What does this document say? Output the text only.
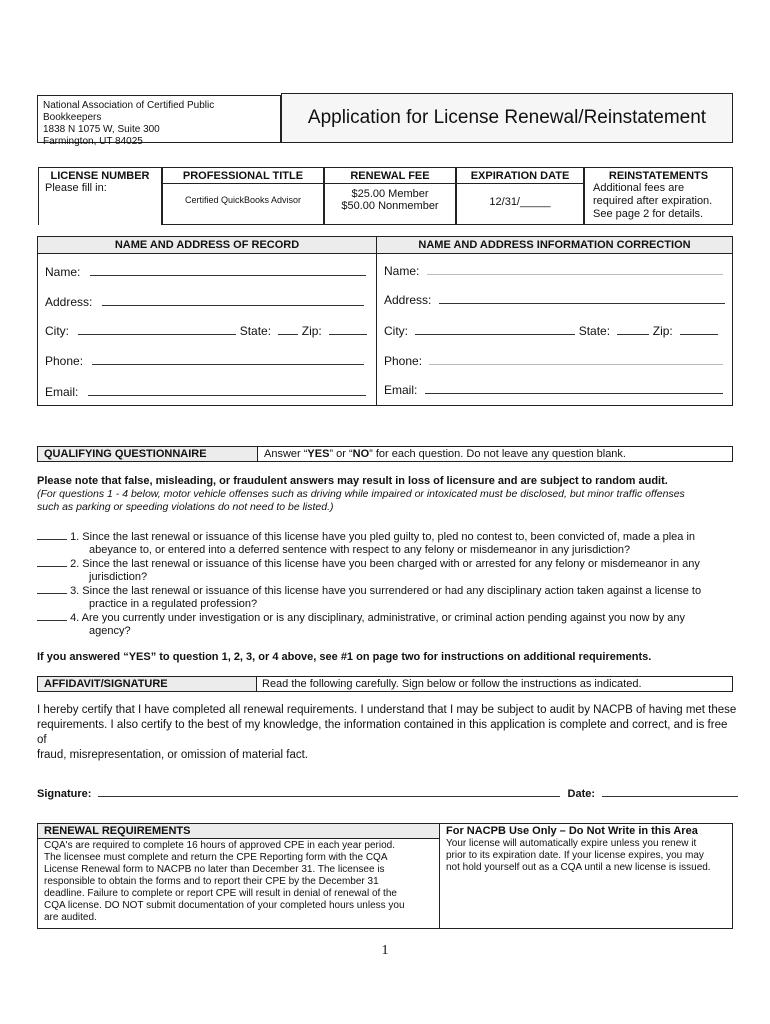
National Association of Certified Public Bookkeepers
1838 N 1075 W, Suite 300
Farmington, UT 84025
Application for License Renewal/Reinstatement
LICENSE NUMBER
Please fill in:
PROFESSIONAL TITLE
Certified QuickBooks Advisor
RENEWAL FEE
$25.00 Member
$50.00 Nonmember
EXPIRATION DATE
12/31/_____
REINSTATEMENTS
Additional fees are
required after expiration.
See page 2 for details.
NAME AND ADDRESS OF RECORD	NAME AND ADDRESS INFORMATION CORRECTION
Name:
Address:
City:	State:	Zip:
Phone:
Email:
Name:
Address:
City:	State:	Zip:
Phone:
Email:
QUALIFYING QUESTIONNAIRE	Answer “YES” or “NO” for each question. Do not leave any question blank.
Please note that false, misleading, or fraudulent answers may result in loss of licensure and are subject to random audit.
(For questions 1 - 4 below, motor vehicle offenses such as driving while impaired or intoxicated must be disclosed, but minor traffic offenses
such as parking or speeding violations do not need to be listed.)
1. Since the last renewal or issuance of this license have you pled guilty to, pled no contest to, been convicted of, made a plea in
abeyance to, or entered into a deferred sentence with respect to any felony or misdemeanor in any jurisdiction?
2. Since the last renewal or issuance of this license have you been charged with or arrested for any felony or misdemeanor in any
jurisdiction?
3. Since the last renewal or issuance of this license have you surrendered or had any disciplinary action taken against a license to
practice in a regulated profession?
4. Are you currently under investigation or is any disciplinary, administrative, or criminal action pending against you now by any
agency?
If you answered “YES” to question 1, 2, 3, or 4 above, see #1 on page two for instructions on additional requirements.
AFFIDAVIT/SIGNATURE	Read the following carefully. Sign below or follow the instructions as indicated.
I hereby certify that I have completed all renewal requirements. I understand that I may be subject to audit by NACPB of having met these
requirements. I also certify to the best of my knowledge, the information contained in this application is complete and correct, and is free of
fraud, misrepresentation, or omission of material fact.
Signature:	Date:
RENEWAL REQUIREMENTS
CQA's are required to complete 16 hours of approved CPE in each year period.
The licensee must complete and return the CPE Reporting form with the CQA
License Renewal form to NACPB no later than December 31. The licensee is
responsible to obtain the forms and to report their CPE by the December 31
deadline. Failure to complete or report CPE will result in denial of renewal of the
CQA license. DO NOT submit documentation of your completed hours unless you
are audited.
For NACPB Use Only – Do Not Write in this Area
Your license will automatically expire unless you renew it
prior to its expiration date. If your license expires, you may
not hold yourself out as a CQA until a new license is issued.
1
